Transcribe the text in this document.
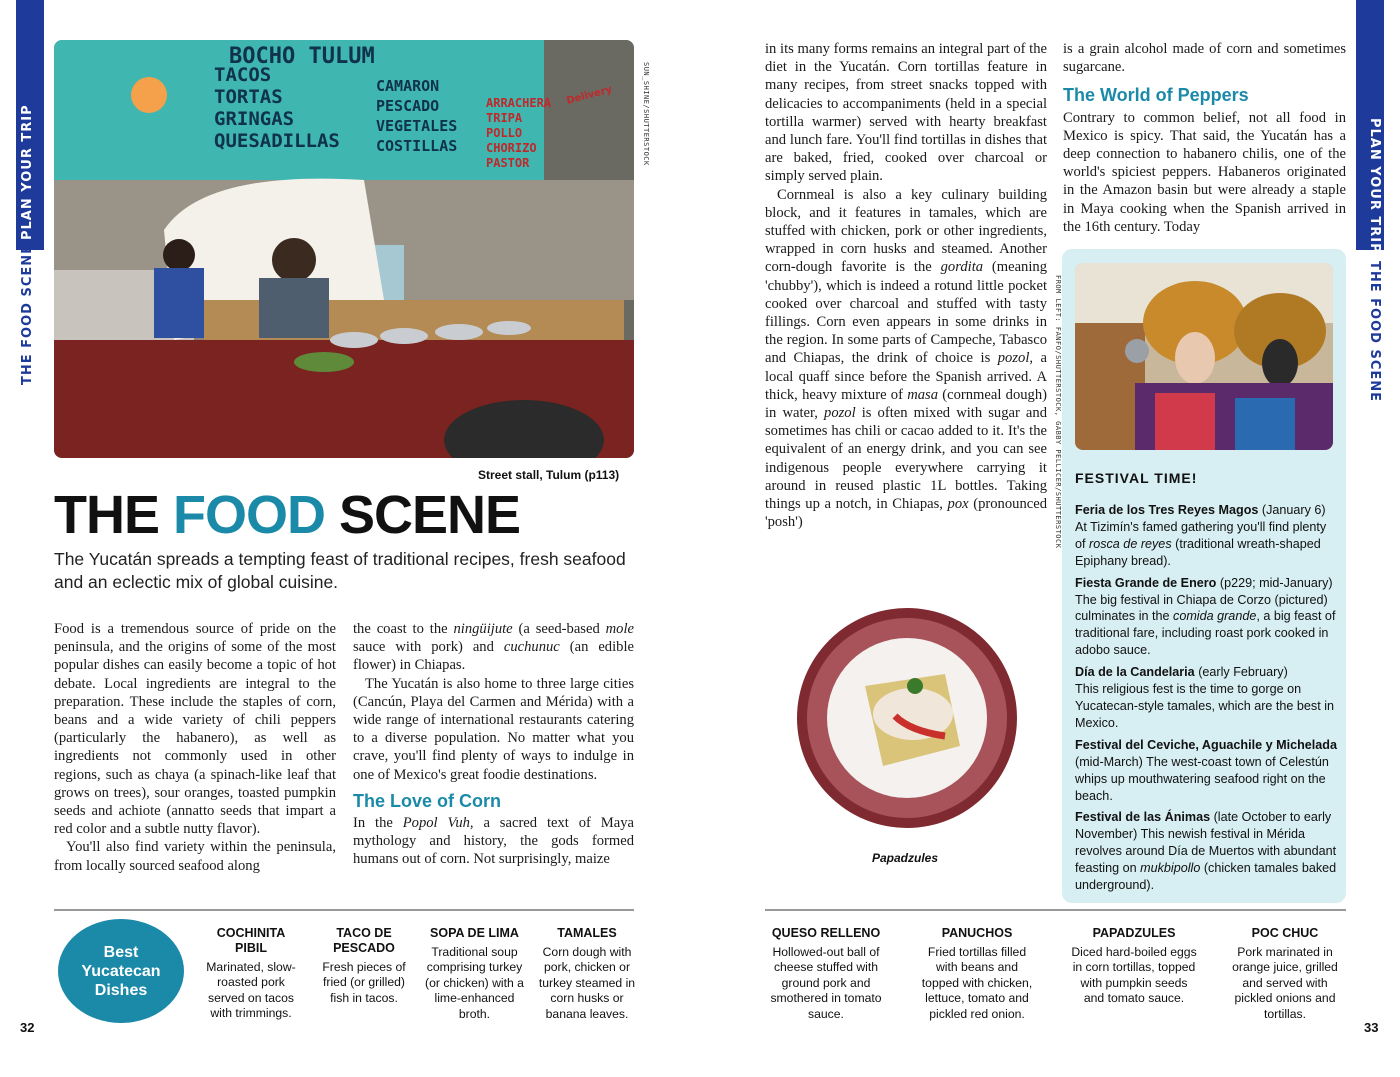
PLAN YOUR TRIP
THE FOOD SCENE
PLAN YOUR TRIP
THE FOOD SCENE
BOCHO TULUM
TACOS
TORTAS
GRINGAS
QUESADILLAS
CAMARON
PESCADO
VEGETALES
COSTILLAS
ARRACHERA
TRIPA
POLLO
CHORIZO
PASTOR
Delivery	SUN_SHINE/SHUTTERSTOCK
Street stall, Tulum (p113)
THE FOOD SCENE
The Yucatán spreads a tempting feast of traditional recipes, fresh seafood and an eclectic mix of global cuisine.

Food is a tremendous source of pride on the peninsula, and the origins of some of the most popular dishes can easily become a topic of hot debate. Local ingredients are integral to the preparation. These include the staples of corn, beans and a wide variety of chili peppers (particularly the habanero), as well as ingredients not commonly used in other regions, such as chaya (a spinach-like leaf that grows on trees), sour oranges, toasted pumpkin seeds and achiote (annatto seeds that impart a red color and a subtle nutty flavor).

You'll also find variety within the peninsula, from locally sourced seafood along

the coast to the ningüijute (a seed-based mole sauce with pork) and cuchunuc (an edible flower) in Chiapas.

The Yucatán is also home to three large cities (Cancún, Playa del Carmen and Mérida) with a wide range of international restaurants catering to a diverse population. No matter what you crave, you'll find plenty of ways to indulge in one of Mexico's great foodie destinations.

The Love of Corn

In the Popol Vuh, a sacred text of Maya mythology and history, the gods formed humans out of corn. Not surprisingly, maize

in its many forms remains an integral part of the diet in the Yucatán. Corn tortillas feature in many recipes, from street snacks topped with delicacies to accompaniments (held in a special tortilla warmer) served with hearty breakfast and lunch fare. You'll find tortillas in dishes that are baked, fried, cooked over charcoal or simply served plain.

Cornmeal is also a key culinary building block, and it features in tamales, which are stuffed with chicken, pork or other ingredients, wrapped in corn husks and steamed. Another corn-dough favorite is the gordita (meaning 'chubby'), which is indeed a rotund little pocket cooked over charcoal and stuffed with tasty fillings. Corn even appears in some drinks in the region. In some parts of Campeche, Tabasco and Chiapas, the drink of choice is pozol, a local quaff since before the Spanish arrived. A thick, heavy mixture of masa (cornmeal dough) in water, pozol is often mixed with sugar and sometimes has chili or cacao added to it. It's the equivalent of an energy drink, and you can see indigenous people everywhere carrying it around in reused plastic 1L bottles. Taking things up a notch, in Chiapas, pox (pronounced 'posh')	FROM LEFT: FANFO/SHUTTERSTOCK, GABBY PELLICER/SHUTTERSTOCK

is a grain alcohol made of corn and sometimes sugarcane.

The World of Peppers

Contrary to common belief, not all food in Mexico is spicy. That said, the Yucatán has a deep connection to habanero chilis, one of the world's spiciest peppers. Habaneros originated in the Amazon basin but were already a staple in Maya cooking when the Spanish arrived in the 16th century. Today

FESTIVAL TIME!
Feria de los Tres Reyes Magos (January 6)
At Tizimín's famed gathering you'll find plenty of rosca de reyes (traditional wreath-shaped Epiphany bread).
Fiesta Grande de Enero (p229; mid-January)
The big festival in Chiapa de Corzo (pictured) culminates in the comida grande, a big feast of traditional fare, including roast pork cooked in adobo sauce.
Día de la Candelaria (early February)
This religious fest is the time to gorge on Yucatecan-style tamales, which are the best in Mexico.
Festival del Ceviche, Aguachile y Michelada (mid-March) The west-coast town of Celestún whips up mouthwatering seafood right on the beach.
Festival de las Ánimas (late October to early November) This newish festival in Mérida revolves around Día de Muertos with abundant feasting on mukbipollo (chicken tamales baked underground).
Papadzules
Best
Yucatecan
Dishes
COCHINITA PIBIL
Marinated, slow-roasted pork served on tacos with trimmings.
TACO DE PESCADO
Fresh pieces of fried (or grilled) fish in tacos.
SOPA DE LIMA
Traditional soup comprising turkey (or chicken) with a lime-enhanced broth.
TAMALES
Corn dough with pork, chicken or turkey steamed in corn husks or banana leaves.
QUESO RELLENO
Hollowed-out ball of cheese stuffed with ground pork and smothered in tomato sauce.
PANUCHOS
Fried tortillas filled with beans and topped with chicken, lettuce, tomato and pickled red onion.
PAPADZULES
Diced hard-boiled eggs in corn tortillas, topped with pumpkin seeds and tomato sauce.
POC CHUC
Pork marinated in orange juice, grilled and served with pickled onions and tortillas.
32	33
